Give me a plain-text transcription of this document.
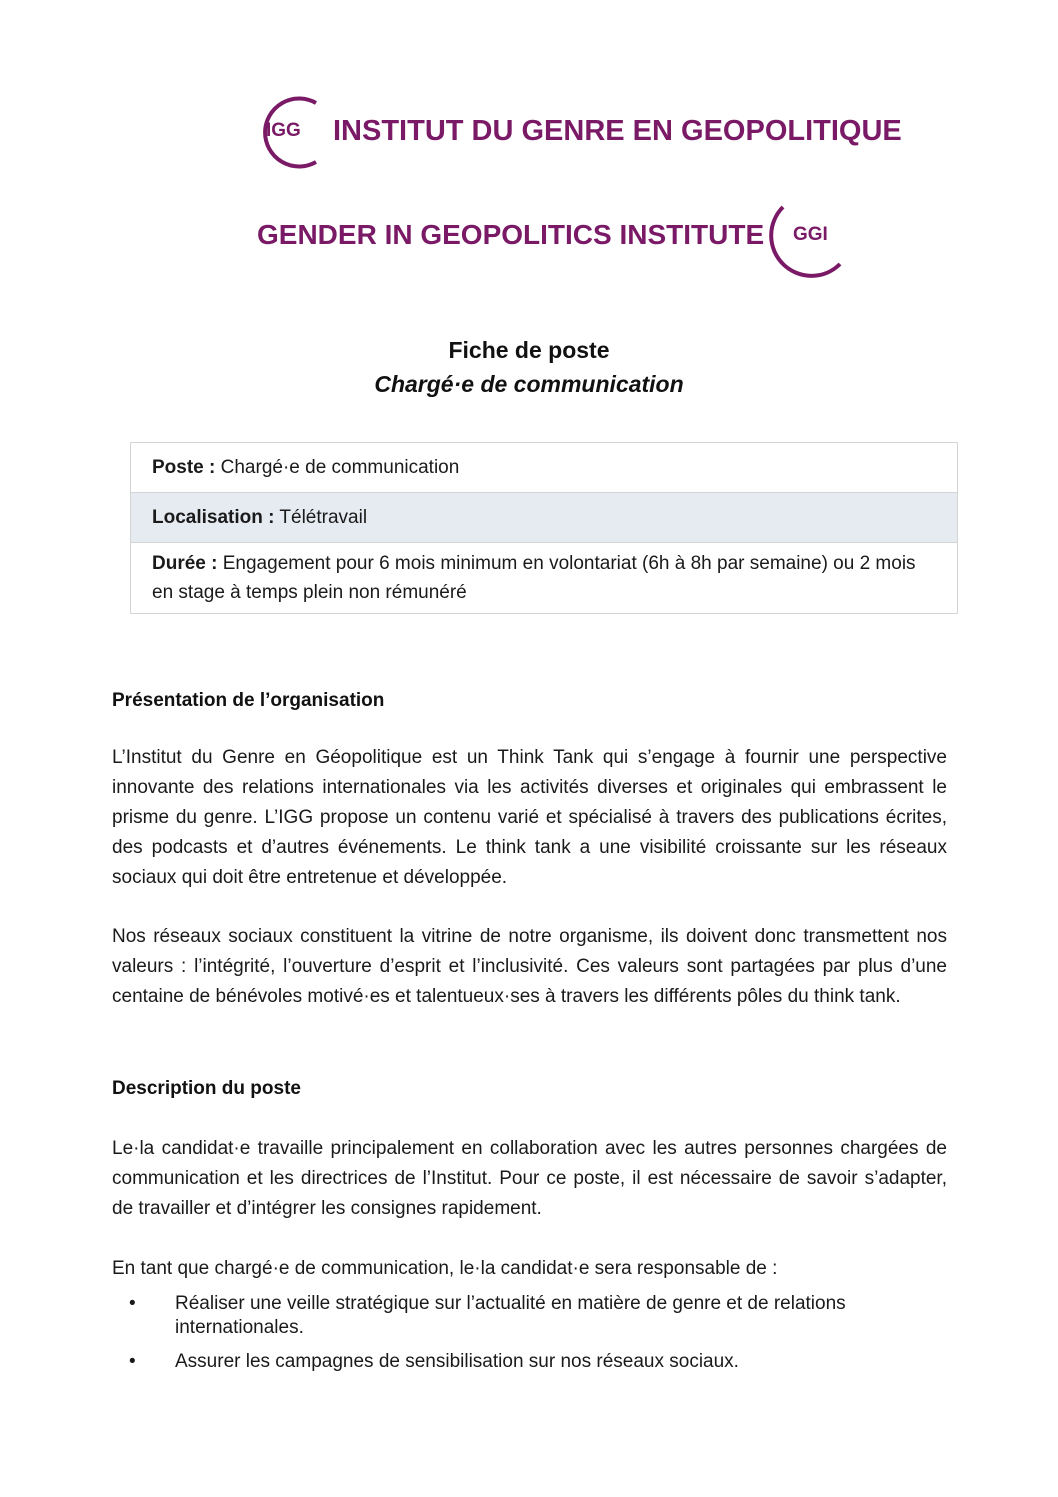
IGG INSTITUT DU GENRE EN GEOPOLITIQUE
GENDER IN GEOPOLITICS INSTITUTE GGI
Fiche de poste
Chargé·e de communication
Poste : Chargé·e de communication
Localisation : Télétravail
Durée : Engagement pour 6 mois minimum en volontariat (6h à 8h par semaine) ou 2 mois en stage à temps plein non rémunéré
Présentation de l’organisation
L’Institut du Genre en Géopolitique est un Think Tank qui s’engage à fournir une perspective innovante des relations internationales via les activités diverses et originales qui embrassent le prisme du genre. L’IGG propose un contenu varié et spécialisé à travers des publications écrites, des podcasts et d’autres événements. Le think tank a une visibilité croissante sur les réseaux sociaux qui doit être entretenue et développée.
Nos réseaux sociaux constituent la vitrine de notre organisme, ils doivent donc transmettent nos valeurs : l’intégrité, l’ouverture d’esprit et l’inclusivité. Ces valeurs sont partagées par plus d’une centaine de bénévoles motivé·es et talentueux·ses à travers les différents pôles du think tank.
Description du poste
Le·la candidat·e travaille principalement en collaboration avec les autres personnes chargées de communication et les directrices de l’Institut. Pour ce poste, il est nécessaire de savoir s’adapter, de travailler et d’intégrer les consignes rapidement.
En tant que chargé·e de communication, le·la candidat·e sera responsable de :
• Réaliser une veille stratégique sur l’actualité en matière de genre et de relations internationales.
• Assurer les campagnes de sensibilisation sur nos réseaux sociaux.
